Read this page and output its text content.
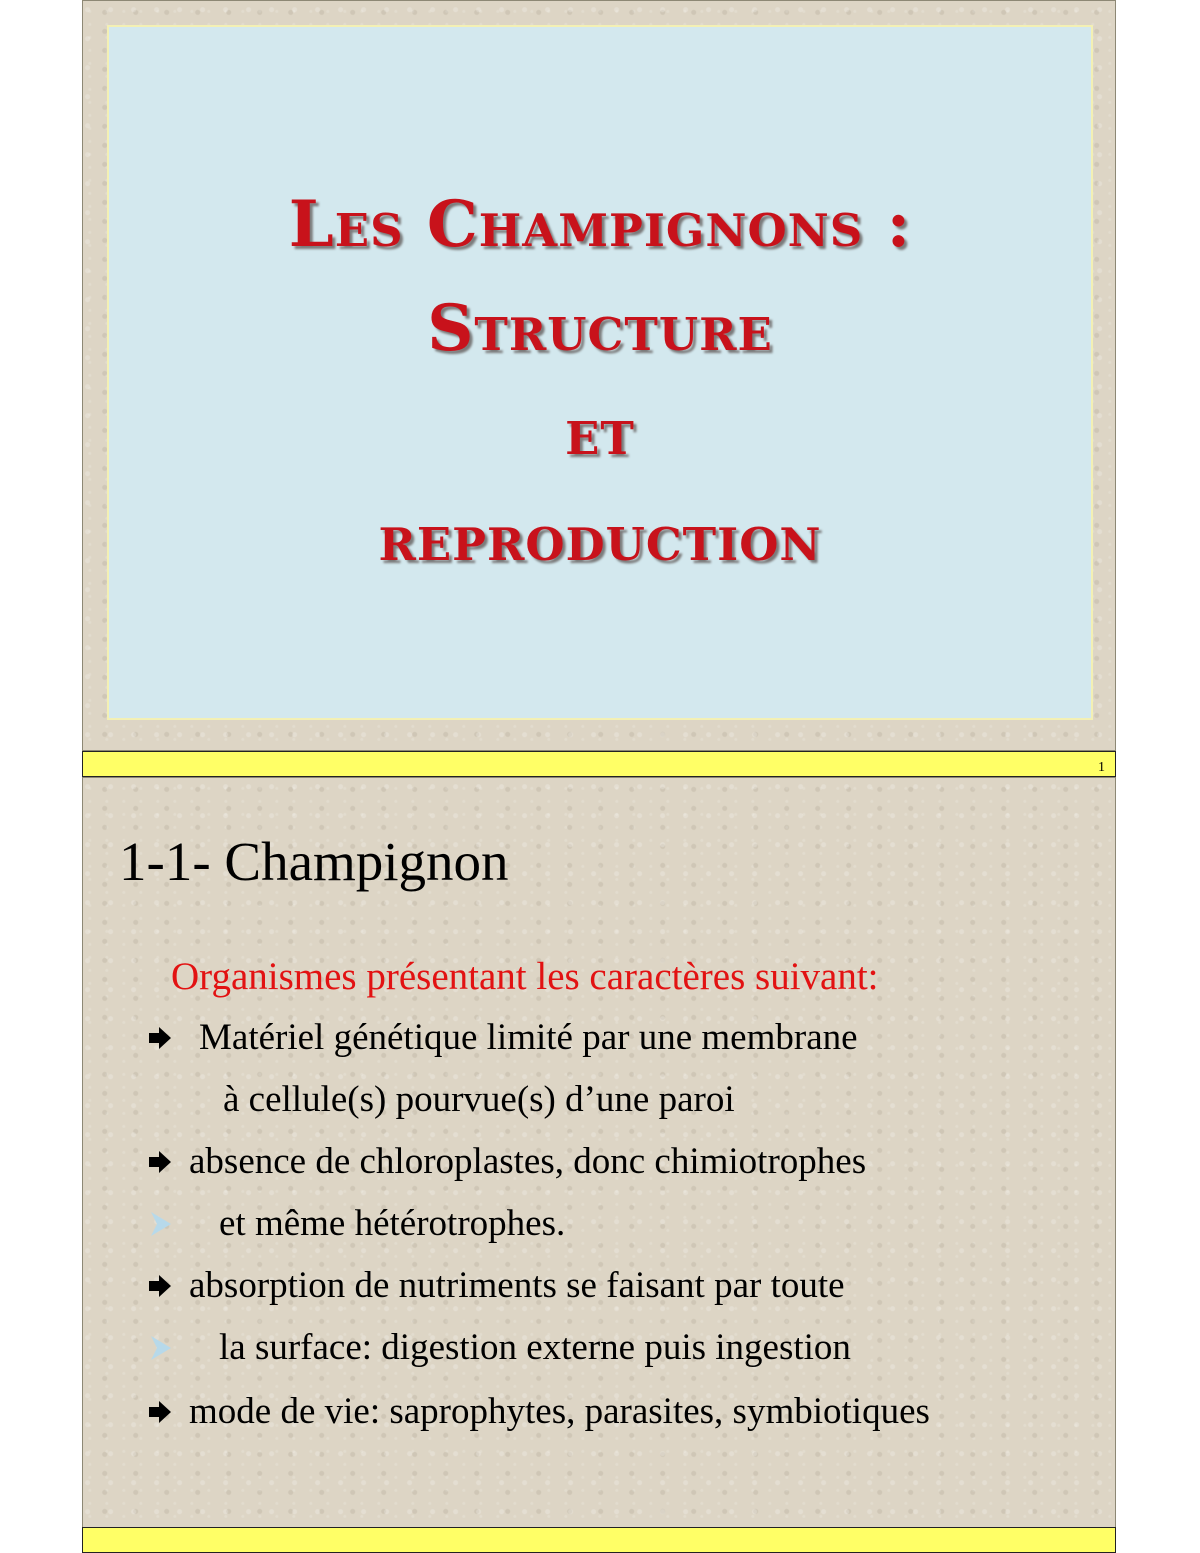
Les Champignons :
Structure
et
reproduction
1
1-1- Champignon
Organismes présentant les caractères suivant:
Matériel génétique limité par une membrane
à cellule(s) pourvue(s) d’une paroi
absence de chloroplastes, donc chimiotrophes
et même hétérotrophes.
absorption de nutriments se faisant par toute
la surface: digestion externe puis ingestion
mode de vie: saprophytes, parasites, symbiotiques
